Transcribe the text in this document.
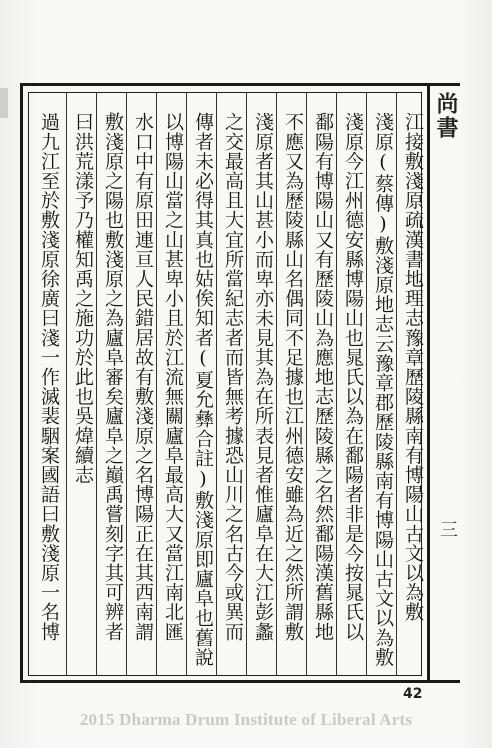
尚書
三
江接敷淺原疏漢書地理志豫章歷陵縣南有博陽山古文以為敷
淺原(蔡傳)敷淺原地志云豫章郡歷陵縣南有博陽山古文以為敷
淺原今江州德安縣博陽山也晁氏以為在鄱陽者非是今按晁氏以
鄱陽有博陽山又有歷陵山為應地志歷陵縣之名然鄱陽漢舊縣地
不應又為歷陵縣山名偶同不足據也江州德安雖為近之然所謂敷
淺原者其山甚小而卑亦未見其為在所表見者惟廬阜在大江彭蠡
之交最高且大宜所當紀志者而皆無考據恐山川之名古今或異而
傳者未必得其真也姑俟知者(夏允彝合註)敷淺原即廬阜也舊說
以博陽山當之山甚卑小且於江流無關廬阜最高大又當江南北匯
水口中有原田連亘人民錯居故有敷淺原之名博陽正在其西南謂
敷淺原之陽也敷淺原之為廬阜審矣廬阜之巔禹嘗刻字其可辨者
曰洪荒漾予乃權知禹之施功於此也吳煒續志
過九江至於敷淺原徐廣曰淺一作滅裴駰案國語曰敷淺原一名博
42
2015 Dharma Drum Institute of Liberal Arts
